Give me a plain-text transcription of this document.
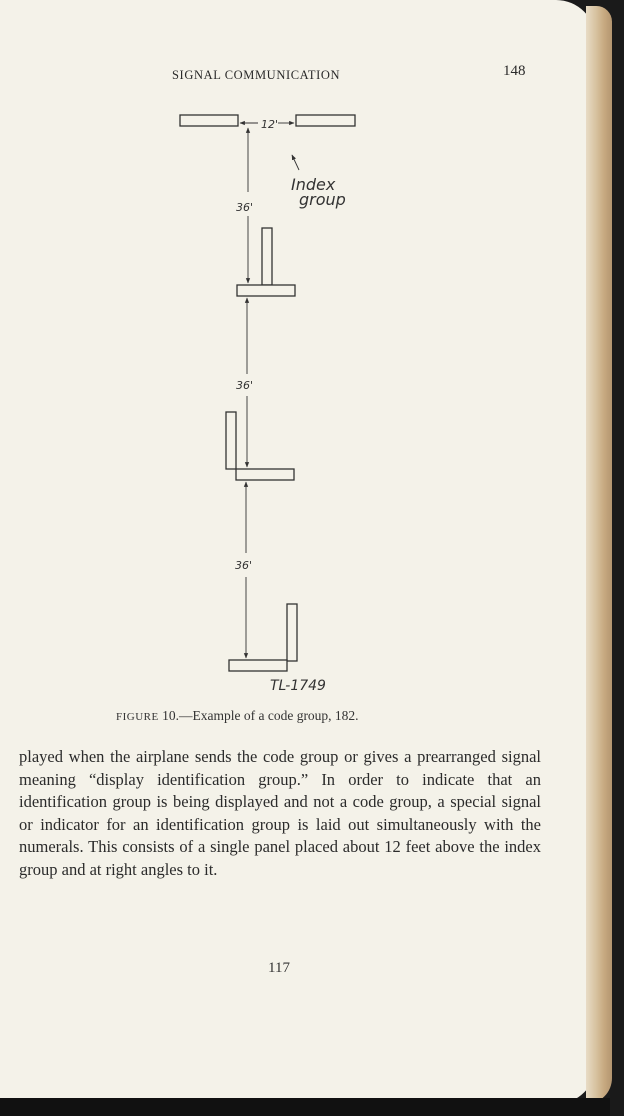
SIGNAL COMMUNICATION	148
12'
Index
group
36'
36'
36'
TL-1749
FIGURE 10.—Example of a code group, 182.

played when the airplane sends the code group or gives a prearranged signal meaning “display identification group.” In order to indicate that an identification group is being displayed and not a code group, a special signal or indicator for an identification group is laid out simultaneously with the numerals. This consists of a single panel placed about 12 feet above the index group and at right angles to it.

117
